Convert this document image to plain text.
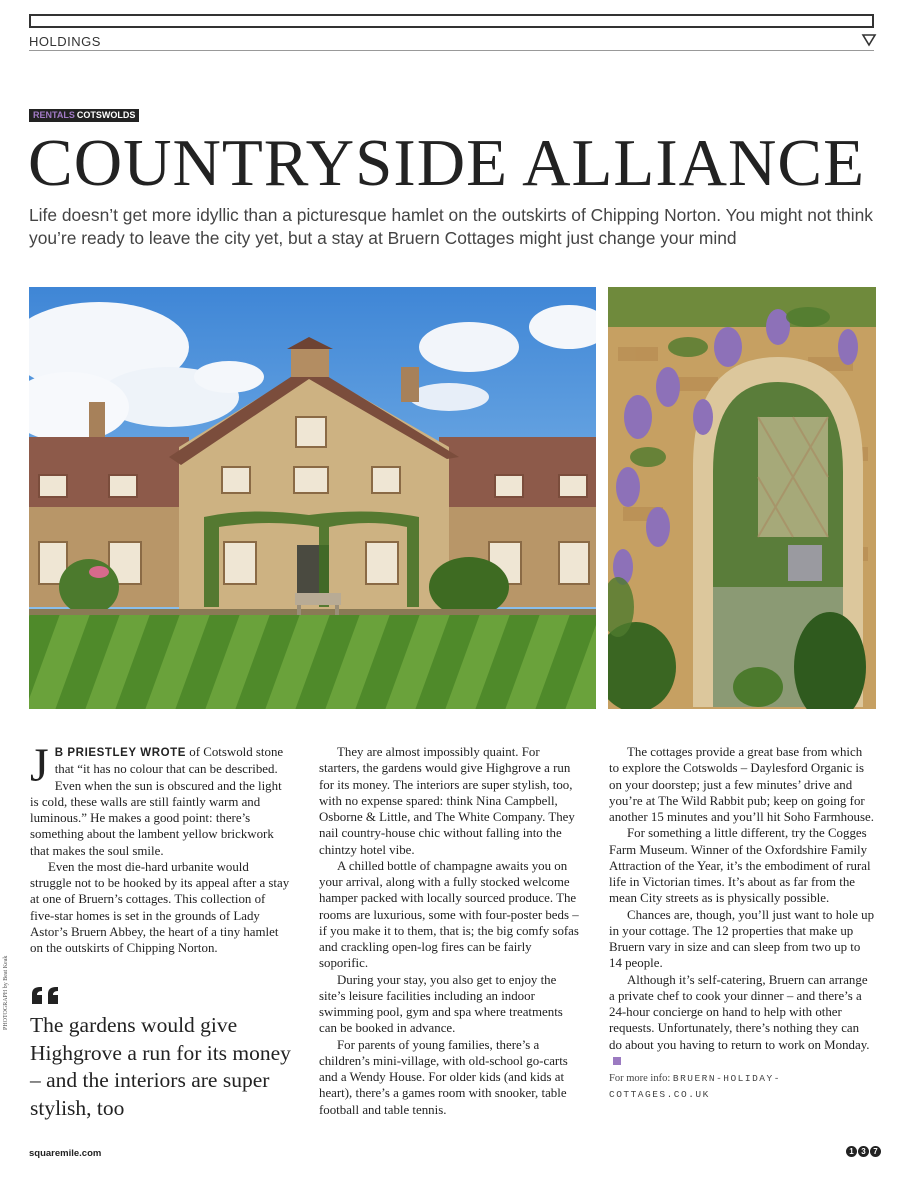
HOLDINGS
RENTALS COTSWOLDS
COUNTRYSIDE ALLIANCE

Life doesn’t get more idyllic than a picturesque hamlet on the outskirts of Chipping Norton. You might not think you’re ready to leave the city yet, but a stay at Bruern Cottages might just change your mind

PHOTOGRAPH by Beat Keak

J B PRIESTLEY WROTE of Cotswold stone that “it has no colour that can be described. Even when the sun is obscured and the light is cold, these walls are still faintly warm and luminous.” He makes a good point: there’s something about the lambent yellow brickwork that makes the soul smile.

Even the most die-hard urbanite would struggle not to be hooked by its appeal after a stay at one of Bruern’s cottages. This collection of five-star homes is set in the grounds of Lady Astor’s Bruern Abbey, the heart of a tiny hamlet on the outskirts of Chipping Norton.

The gardens would give Highgrove a run for its money – and the interiors are super stylish, too

They are almost impossibly quaint. For starters, the gardens would give Highgrove a run for its money. The interiors are super stylish, too, with no expense spared: think Nina Campbell, Osborne & Little, and The White Company. They nail country-house chic without falling into the chintzy hotel vibe.

A chilled bottle of champagne awaits you on your arrival, along with a fully stocked welcome hamper packed with locally sourced produce. The rooms are luxurious, some with four-poster beds – if you make it to them, that is; the big comfy sofas and crackling open-log fires can be fairly soporific.

During your stay, you also get to enjoy the site’s leisure facilities including an indoor swimming pool, gym and spa where treatments can be booked in advance.

For parents of young families, there’s a children’s mini-village, with old-school go-carts and a Wendy House. For older kids (and kids at heart), there’s a games room with snooker, table football and table tennis.

The cottages provide a great base from which to explore the Cotswolds – Daylesford Organic is on your doorstep; just a few minutes’ drive and you’re at The Wild Rabbit pub; keep on going for another 15 minutes and you’ll hit Soho Farmhouse.

For something a little different, try the Cogges Farm Museum. Winner of the Oxfordshire Family Attraction of the Year, it’s the embodiment of rural life in Victorian times. It’s about as far from the mean City streets as is physically possible.

Chances are, though, you’ll just want to hole up in your cottage. The 12 properties that make up Bruern vary in size and can sleep from two up to 14 people.

Although it’s self-catering, Bruern can arrange a private chef to cook your dinner – and there’s a 24-hour concierge on hand to help with other requests. Unfortunately, there’s nothing they can do about you having to return to work on Monday.

For more info: BRUERN-HOLIDAY-COTTAGES.CO.UK
squaremile.com	1 3 7
